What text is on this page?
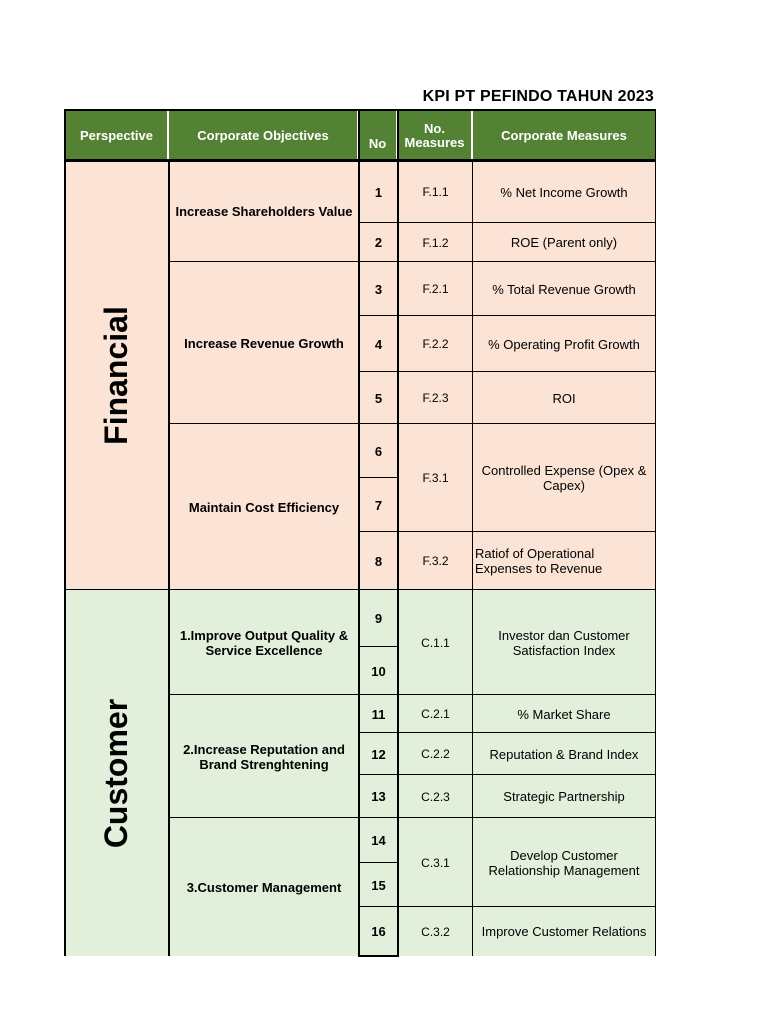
KPI PT PEFINDO TAHUN 2023
Perspective	Corporate Objectives
No
No.
Measures	Corporate Measures
Financial
Customer
Increase Shareholders Value
Increase Revenue Growth
Maintain Cost Efficiency
1.Improve Output Quality & Service Excellence
2.Increase Reputation and Brand Strenghtening
3.Customer Management
1
2
3
4
5
6
7
8
9
10
11
12
13
14
15
16
F.1.1
F.1.2
F.2.1
F.2.2
F.2.3
F.3.1
F.3.2
C.1.1
C.2.1
C.2.2
C.2.3
C.3.1
C.3.2
% Net Income Growth
ROE (Parent only)
% Total Revenue Growth
% Operating Profit Growth
ROI
Controlled Expense (Opex & Capex)
Ratiof of Operational Expenses to Revenue
Investor dan Customer Satisfaction Index
% Market Share
Reputation & Brand Index
Strategic Partnership
Develop Customer Relationship Management
Improve Customer Relations
